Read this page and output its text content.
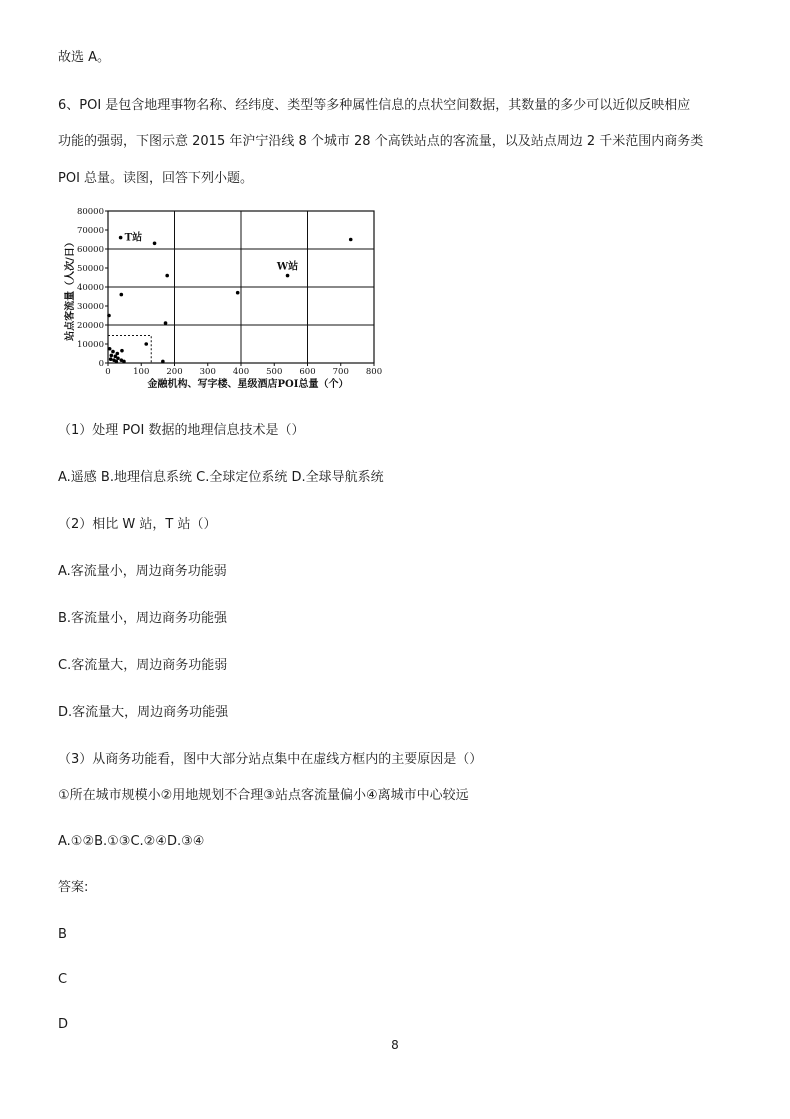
故选 A。
6、POI 是包含地理事物名称、经纬度、类型等多种属性信息的点状空间数据，其数量的多少可以近似反映相应
功能的强弱，下图示意 2015 年沪宁沿线 8 个城市 28 个高铁站点的客流量，以及站点周边 2 千米范围内商务类
POI 总量。读图，回答下列小题。
0	100 200 300 400 500 600 700 800
0
10000
20000
30000
40000
50000
60000
70000
80000
T站
W站
金融机构、写字楼、星级酒店POI总量（个）
站点客流量（人次/日）
（1）处理 POI 数据的地理信息技术是（）
A.遥感 B.地理信息系统 C.全球定位系统 D.全球导航系统
（2）相比 W 站，T 站（）
A.客流量小，周边商务功能弱
B.客流量小，周边商务功能强
C.客流量大，周边商务功能弱
D.客流量大，周边商务功能强
（3）从商务功能看，图中大部分站点集中在虚线方框内的主要原因是（）
①所在城市规模小②用地规划不合理③站点客流量偏小④离城市中心较远
A.①②B.①③C.②④D.③④
答案:
B
C
D
8
